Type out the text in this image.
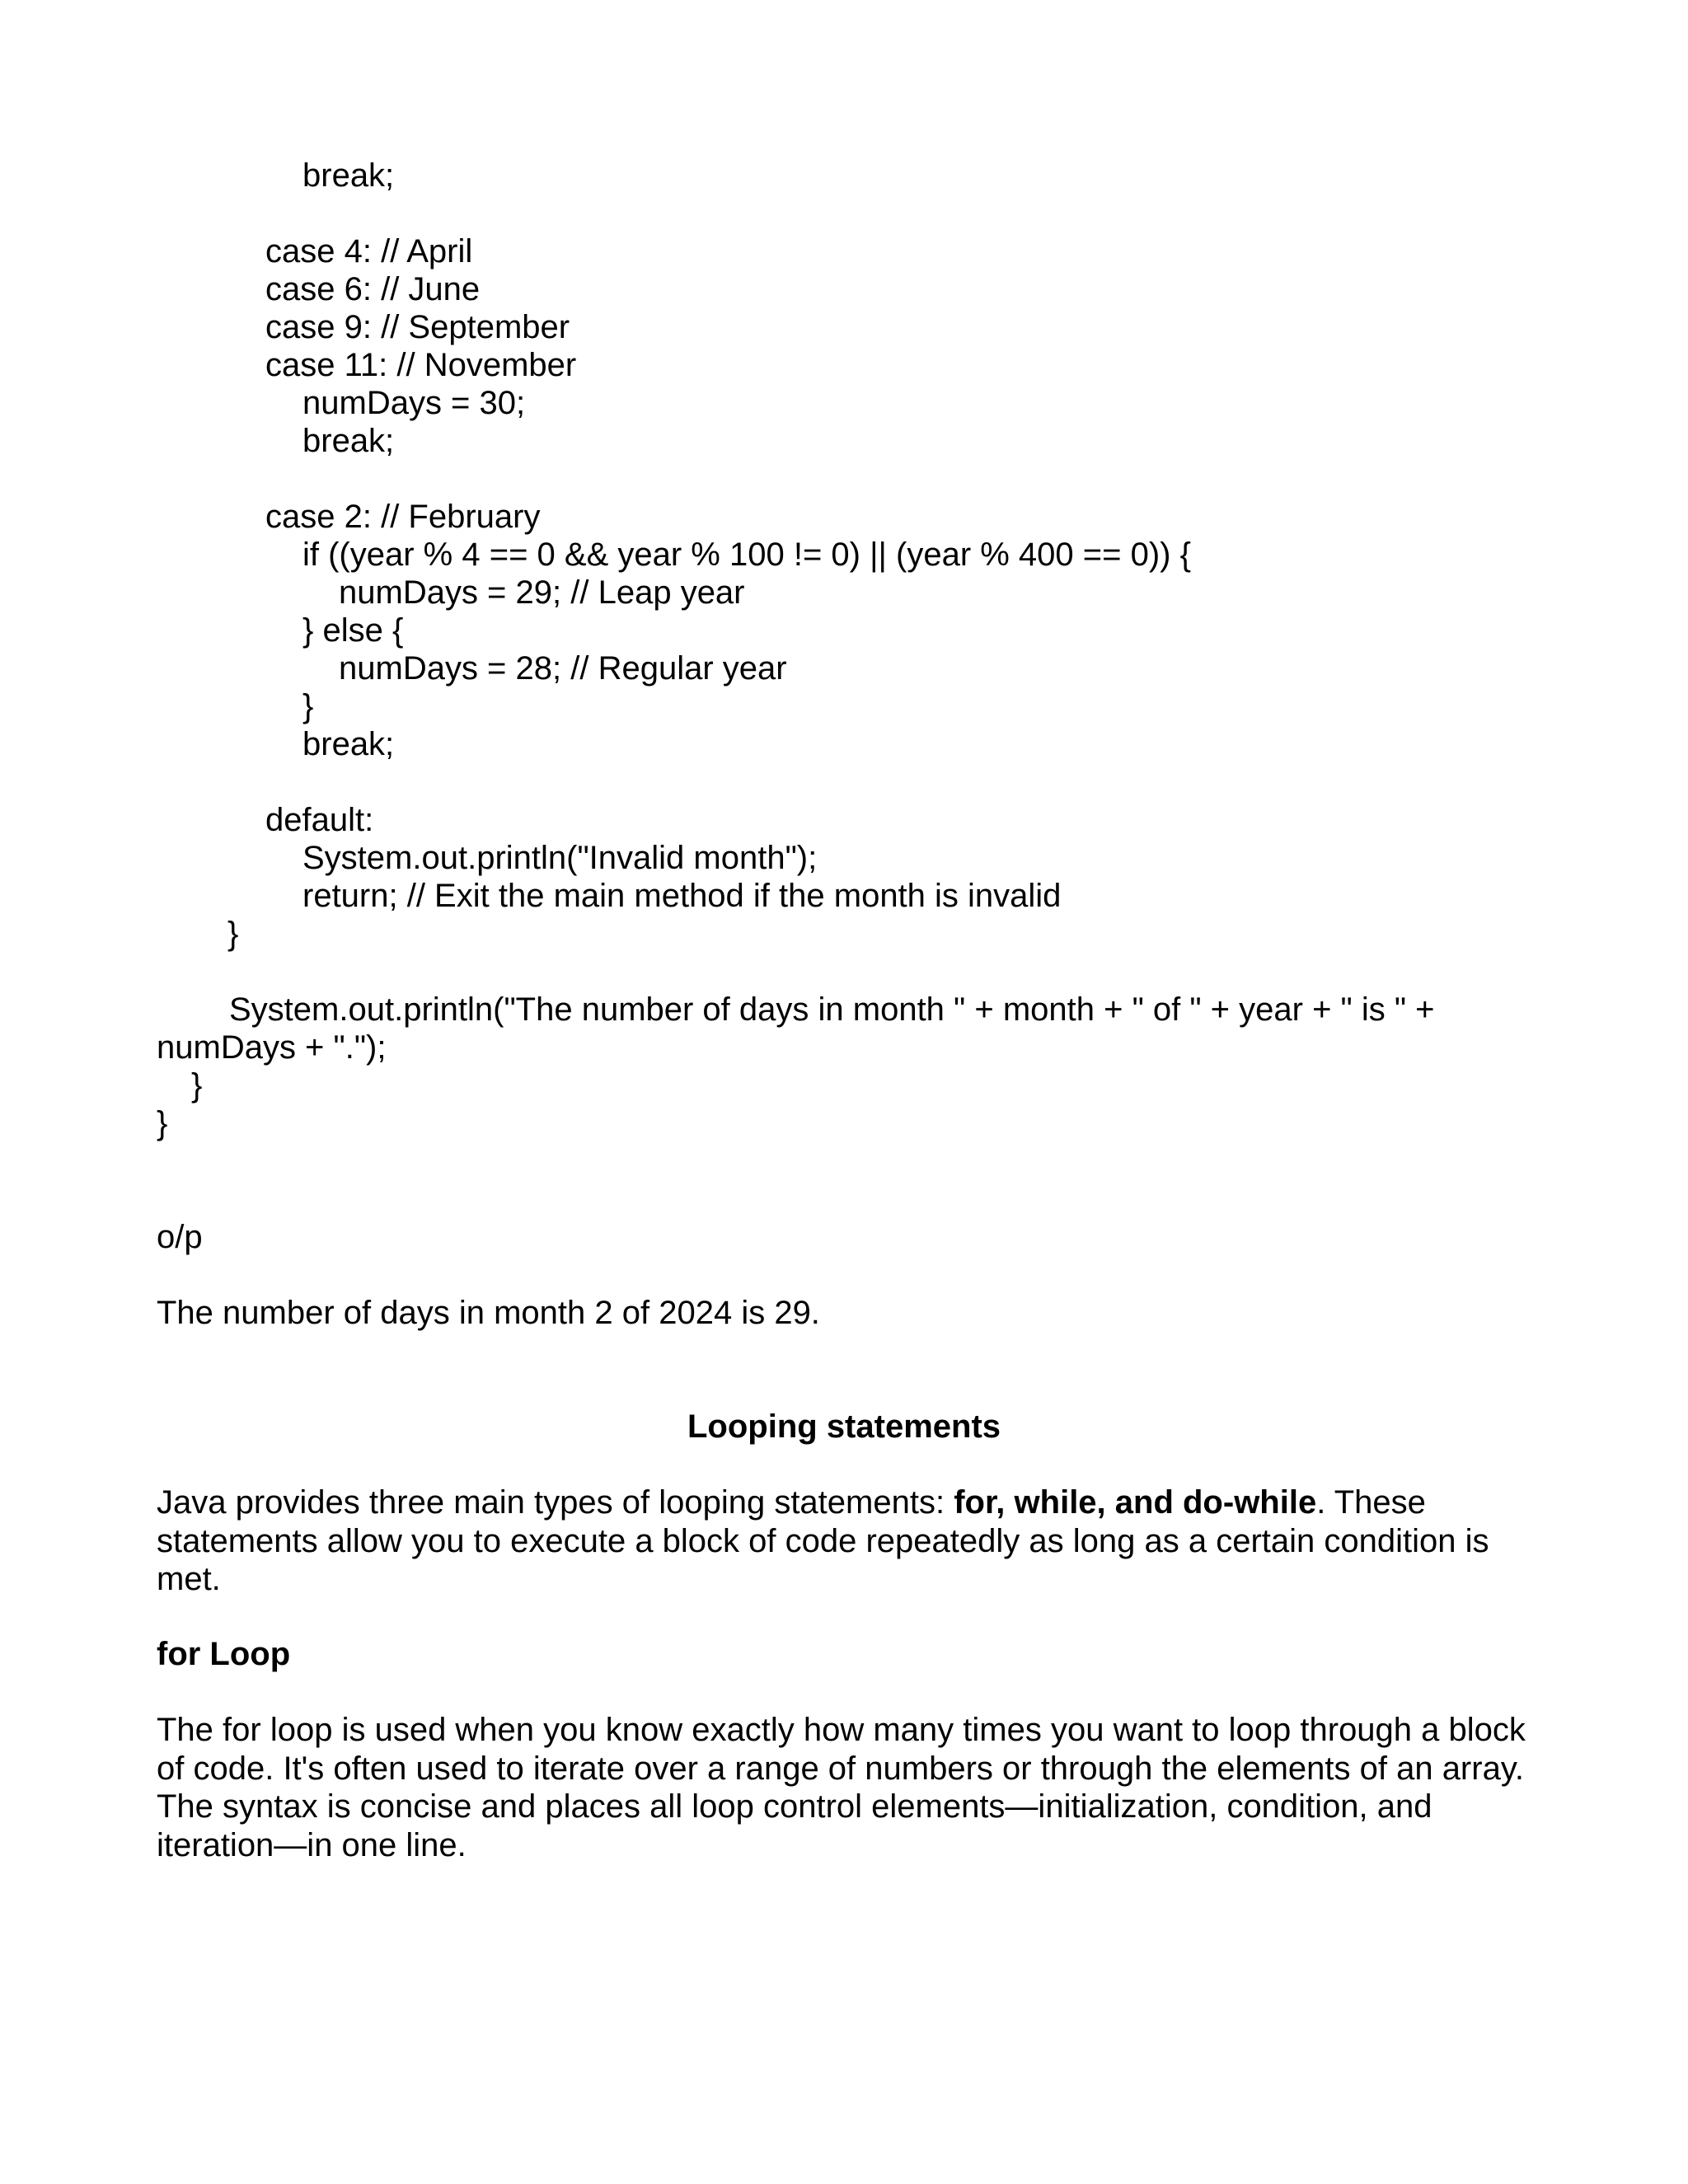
break;
case 4: // April
case 6: // June
case 9: // September
case 11: // November
numDays = 30;
break;
case 2: // February
if ((year % 4 == 0 && year % 100 != 0) || (year % 400 == 0)) {
numDays = 29; // Leap year
} else {
numDays = 28; // Regular year
}
break;
default:
System.out.println("Invalid month");
return; // Exit the main method if the month is invalid
}
System.out.println("The number of days in month " + month + " of " + year + " is " +
numDays + ".");
}
}
o/p
The number of days in month 2 of 2024 is 29.
Looping statements
Java provides three main types of looping statements: for, while, and do-while. These statements allow you to execute a block of code repeatedly as long as a certain condition is met.
for Loop
The for loop is used when you know exactly how many times you want to loop through a block of code. It's often used to iterate over a range of numbers or through the elements of an array. The syntax is concise and places all loop control elements—initialization, condition, and iteration—in one line.
